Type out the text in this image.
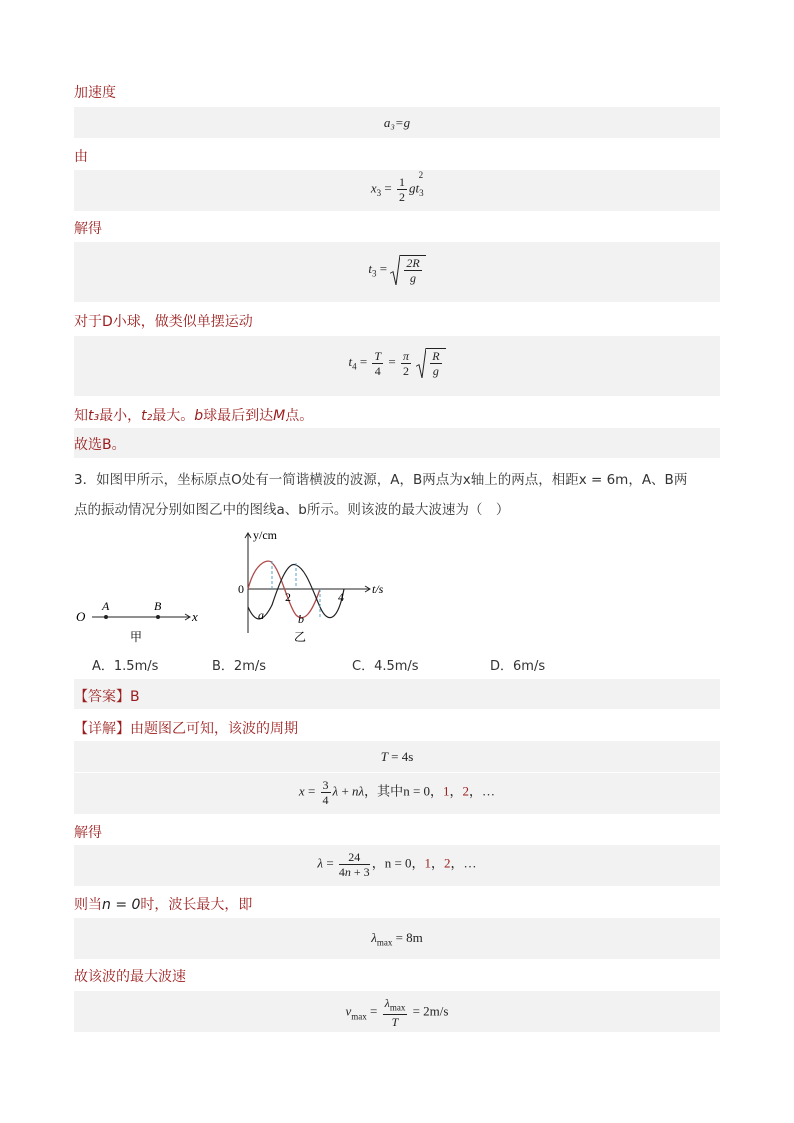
加速度
a₃=g
由
$x_3 = \frac{1}{2} gt_3^2$
解得
$t_3 = \frac{2R}{g}$
对于D小球，做类似单摆运动
$t_4 = \frac{T}{4} = \frac{\pi}{2}$
$\frac{R}{g}$
知t₃最小，t₂最大。b球最后到达M点。
故选B。
3．如图甲所示，坐标原点O处有一简谐横波的波源，A，B两点为x轴上的两点，相距x = 6m，A、B两
点的振动情况分别如图乙中的图线a、b所示。则该波的最大波速为（　）
O
A	B
x
甲
y/cm
t/s
0
2	4
a	b
乙
A．1.5m/s	B．2m/s	C．4.5m/s	D．6m/s
【答案】B
【详解】由题图乙可知，该波的周期
T = 4s
$x = \frac{3}{4}$ λ + nλ，其中n = 0，1，2，…
解得
$\lambda = \frac{24}{4n + 3}$ ，n = 0，1，2，…
则当n = 0时，波长最大，即
$\lambda_{max} = 8m$
故该波的最大波速
$v_{max} = \frac{\lambda_{max}}{T} = 2m/s$
